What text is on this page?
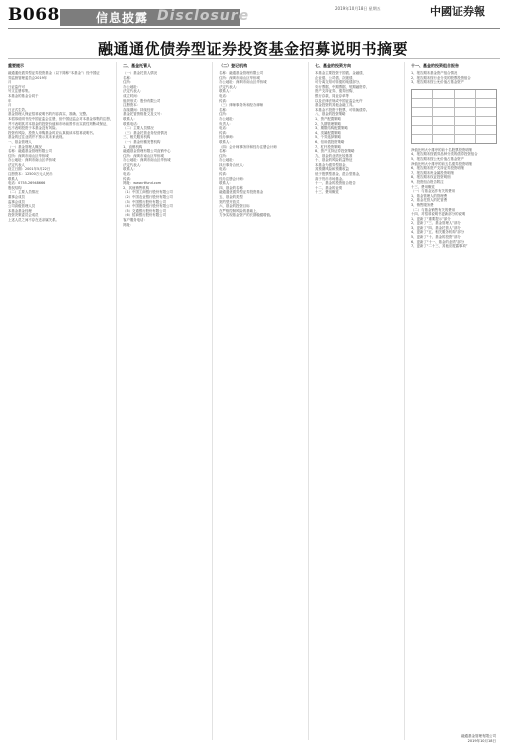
B068	信息披露 Disclosure	2019年10月18日 星期五	中國证券報
融通通优债券型证券投资基金招募说明书摘要
重要提示
融通通优债券型证券投资基金（以下简称“本基金”）经中国证
券监督管理委员会2019年
月
日证监许可
号文注册募集。
本基金的基金合同于
年
月
日正式生效。
基金管理人保证招募说明书的内容真实、准确、完整。
本招募说明书经中国证监会注册，但中国证监会对本基金募集的注册，
并不表明其对本基金的投资价值和市场前景作出实质性判断或保证，
也不表明投资于本基金没有风险。
投资有风险，投资人申购基金时应认真阅读本招募说明书。
基金的过往业绩并不预示其未来表现。
一、基金管理人
（一）基金管理人概况
名称：融通基金管理有限公司
住所：深圳市南山区华侨城
办公地址：深圳市南山区华侨城
法定代表人
设立日期：2001年5月22日
注册资本：12500万元人民币
联系人
电话：0755-26948666
股权结构
（二）主要人员情况
董事会成员
监事会成员
公司高级管理人员
本基金基金经理
投资决策委员会成员
上述人员之间不存在近亲属关系。
二、基金托管人
（一）基金托管人情况
名称：
住所：
办公地址：
法定代表人：
成立时间：
组织形式：股份有限公司
注册资本：
存续期间：持续经营
基金托管资格批文及文号：
联系人：
联系电话：
（二）主要人员情况
（三）基金托管业务经营情况
三、相关服务机构
（一）基金份额发售机构
1、直销机构
融通基金管理有限公司直销中心
住所：深圳市南山区华侨城
办公地址：深圳市南山区华侨城
法定代表人：
联系人：
电话：
传真：
网址：www.rtfund.com
2、其他销售机构
（1）中国工商银行股份有限公司
（2）中国农业银行股份有限公司
（3）中国银行股份有限公司
（4）中国建设银行股份有限公司
（5）交通银行股份有限公司
（6）招商银行股份有限公司
客户服务电话：
网址：
（二）登记机构
名称：融通基金管理有限公司
住所：深圳市南山区华侨城
办公地址：深圳市南山区华侨城
法定代表人：
联系人：
电话：
传真：
（三）律师事务所和经办律师
名称：
住所：
办公地址：
负责人：
电话：
传真：
经办律师：
联系人：
（四）会计师事务所和经办注册会计师
名称：
住所：
办公地址：
执行事务合伙人：
电话：
传真：
经办注册会计师：
联系人：
四、基金的名称
融通通优债券型证券投资基金
五、基金的类型
契约型开放式
六、基金的投资目标
在严格控制风险的基础上，
力争实现基金资产的长期稳健增值。
七、基金的投资方向
本基金主要投资于国债、金融债、
企业债、公司债、次级债、
可分离交易可转债的纯债部分、
央行票据、中期票据、短期融资券、
资产支持证券、债券回购、
银行存款、同业存单等
以及法律法规或中国证监会允许
基金投资的其他金融工具。
本基金不投资于股票、可转换债券。
八、基金的投资策略
1、资产配置策略
2、久期管理策略
3、期限结构配置策略
4、类属配置策略
5、个券选择策略
6、信用债投资策略
7、杠杆投资策略
8、资产支持证券投资策略
九、基金的业绩比较基准
十、基金的风险收益特征
本基金为债券型基金，
其预期风险和预期收益
低于股票型基金、混合型基金，
高于货币市场基金。
十一、基金的投资组合报告
十二、基金的业绩
十三、费用概览
十一、基金的投资组合报告
1、报告期末基金资产组合情况
2、报告期末按行业分类的股票投资组合
3、报告期末按公允价值占基金资产
净值比例大小排序的前十名股票投资明细
4、报告期末按债券品种分类的债券投资组合
5、报告期末按公允价值占基金资产
净值比例大小排序的前五名债券投资明细
6、报告期末资产支持证券投资明细
7、报告期末贵金属投资明细
8、报告期末权证投资明细
9、投资组合报告附注
十三、费用概览
（一）与基金运作有关的费用
1、基金管理人的管理费
2、基金托管人的托管费
3、销售服务费
（二）与基金销售有关的费用
十四、对招募说明书更新部分的说明
1、更新了“重要提示”部分
2、更新了“三、基金管理人”部分
3、更新了“四、基金托管人”部分
4、更新了“五、相关服务机构”部分
5、更新了“十、基金的投资”部分
6、更新了“十一、基金的业绩”部分
7、更新了“二十三、其他应披露事项”
融通基金管理有限公司
2019年10月18日
